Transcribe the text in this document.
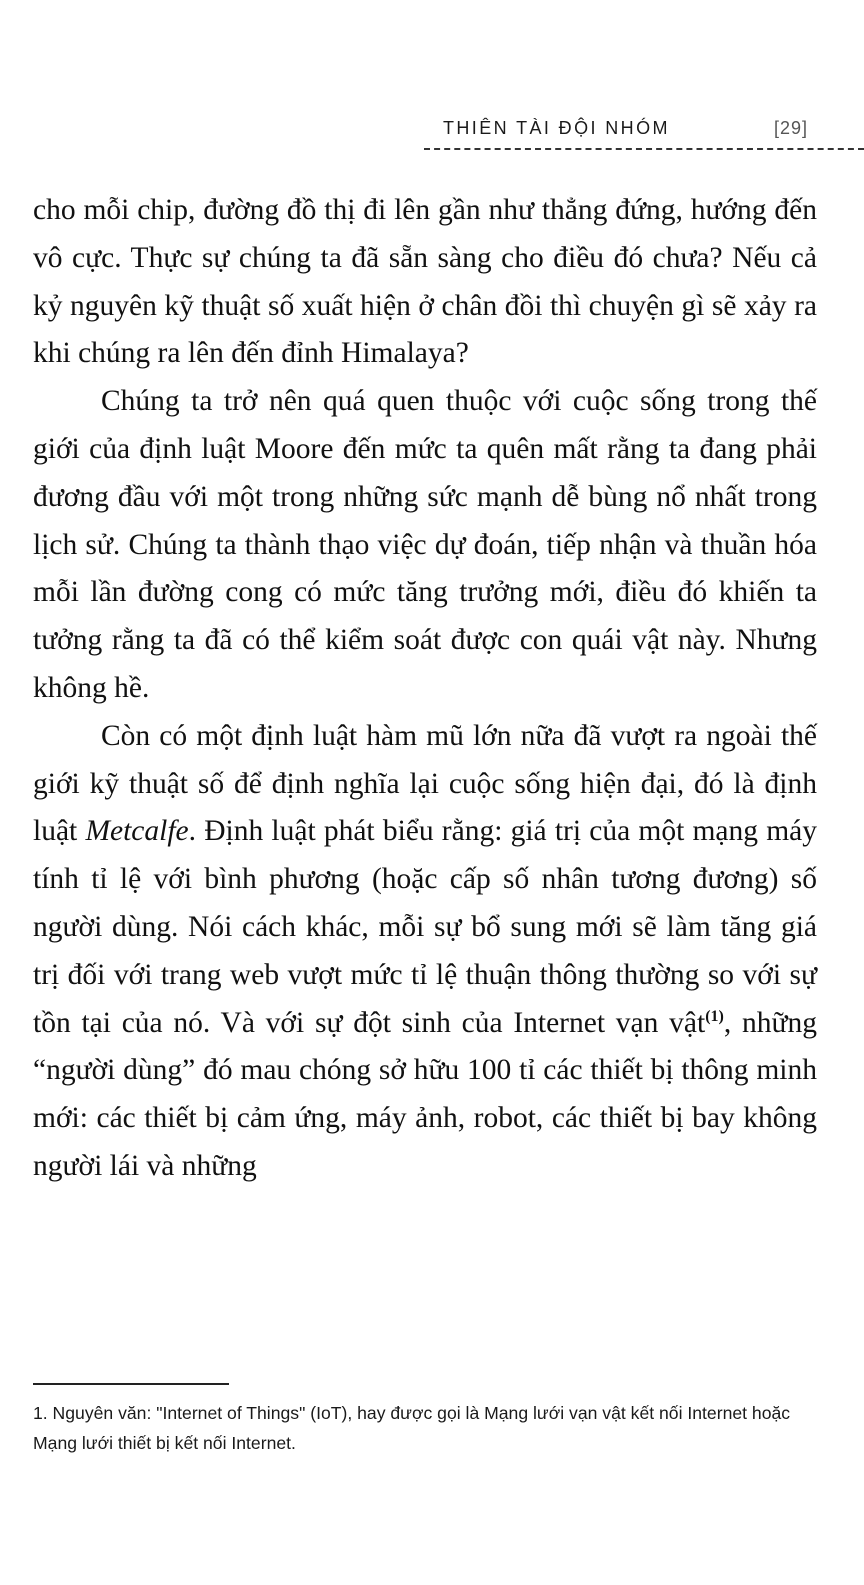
THIÊN TÀI ĐỘI NHÓM	[29]

cho mỗi chip, đường đồ thị đi lên gần như thẳng đứng, hướng đến vô cực. Thực sự chúng ta đã sẵn sàng cho điều đó chưa? Nếu cả kỷ nguyên kỹ thuật số xuất hiện ở chân đồi thì chuyện gì sẽ xảy ra khi chúng ra lên đến đỉnh Himalaya?

Chúng ta trở nên quá quen thuộc với cuộc sống trong thế giới của định luật Moore đến mức ta quên mất rằng ta đang phải đương đầu với một trong những sức mạnh dễ bùng nổ nhất trong lịch sử. Chúng ta thành thạo việc dự đoán, tiếp nhận và thuần hóa mỗi lần đường cong có mức tăng trưởng mới, điều đó khiến ta tưởng rằng ta đã có thể kiểm soát được con quái vật này. Nhưng không hề.

Còn có một định luật hàm mũ lớn nữa đã vượt ra ngoài thế giới kỹ thuật số để định nghĩa lại cuộc sống hiện đại, đó là định luật Metcalfe. Định luật phát biểu rằng: giá trị của một mạng máy tính tỉ lệ với bình phương (hoặc cấp số nhân tương đương) số người dùng. Nói cách khác, mỗi sự bổ sung mới sẽ làm tăng giá trị đối với trang web vượt mức tỉ lệ thuận thông thường so với sự tồn tại của nó. Và với sự đột sinh của Internet vạn vật$^{(1)}$, những “người dùng” đó mau chóng sở hữu 100 tỉ các thiết bị thông minh mới: các thiết bị cảm ứng, máy ảnh, robot, các thiết bị bay không người lái và những

1. Nguyên văn: "Internet of Things" (IoT), hay được gọi là Mạng lưới vạn vật kết nối Internet hoặc Mạng lưới thiết bị kết nối Internet.
